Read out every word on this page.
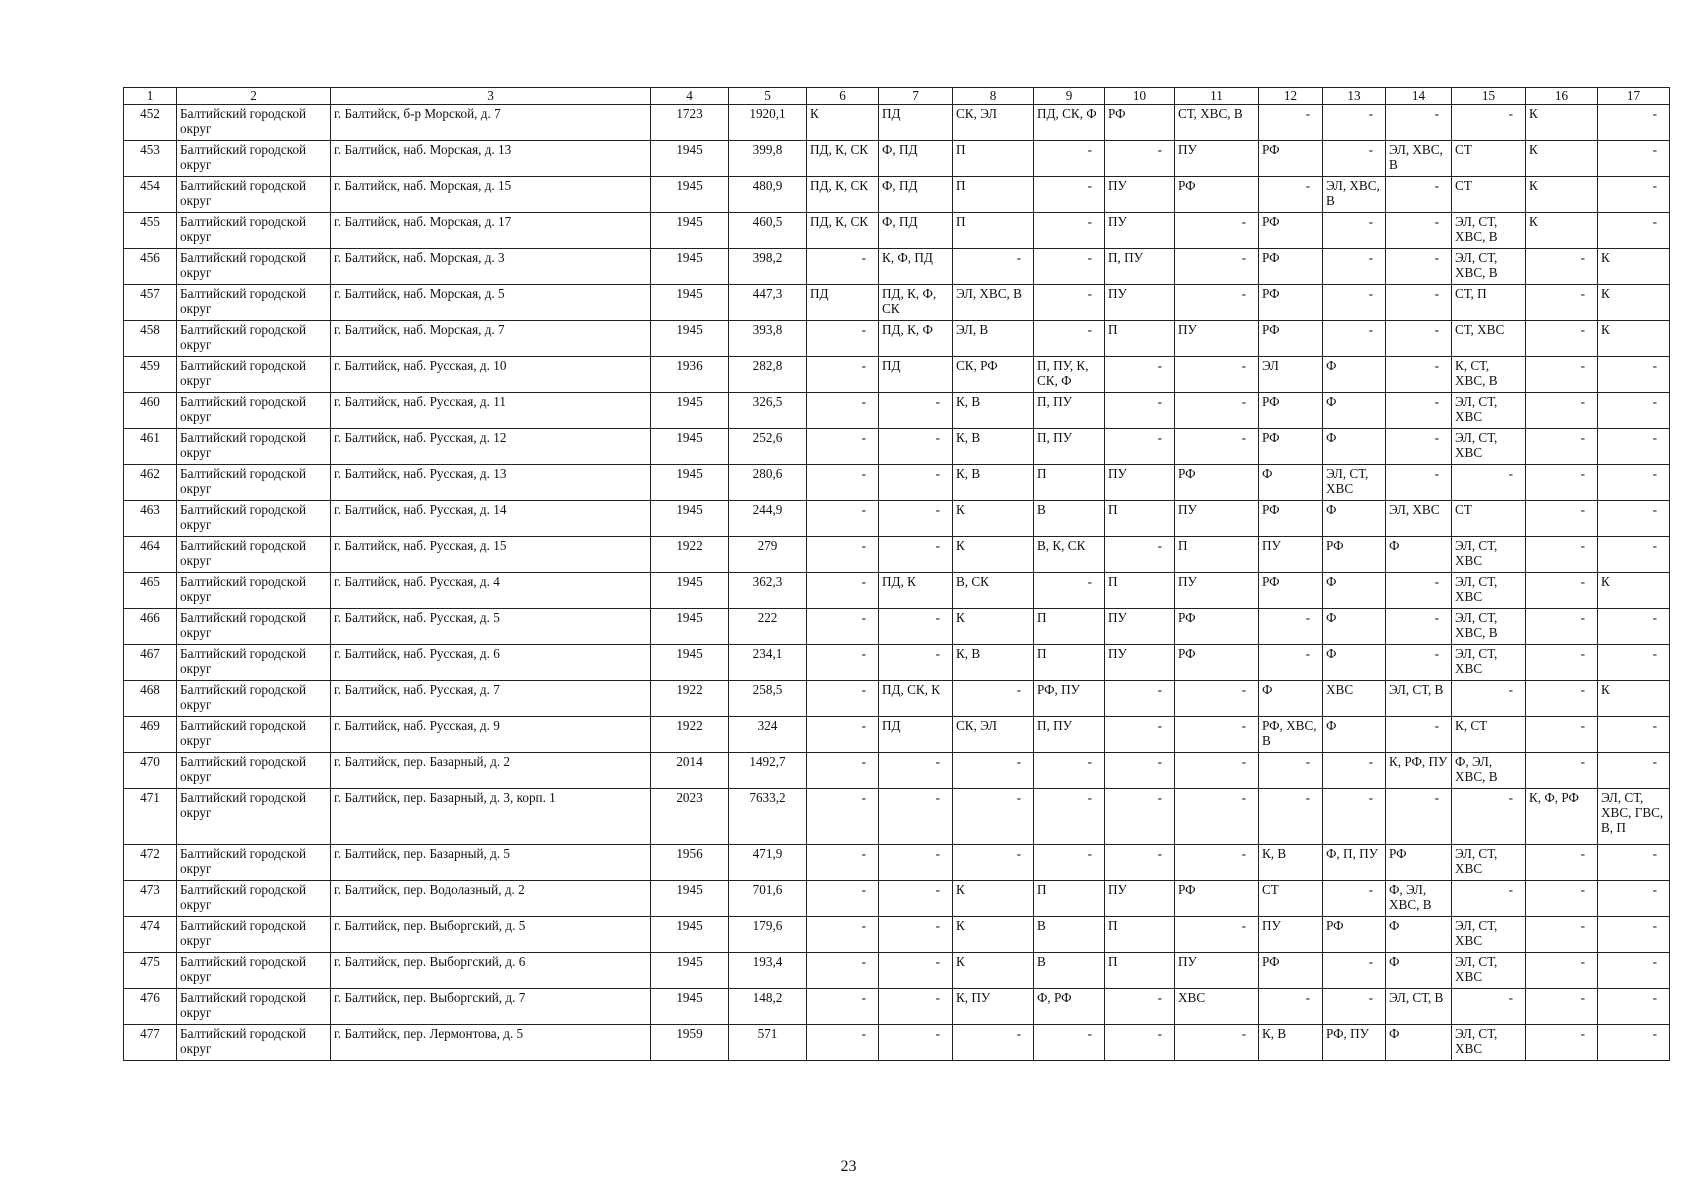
1	2	3	4	5	6	7	8	9	10	11	12	13	14	15	16	17
452	Балтийский городской округ	г. Балтийск, б-р Морской, д. 7	1723	1920,1	К	ПД	СК, ЭЛ	ПД, СК, Ф	РФ	СТ, ХВС, В	-	-	-	-	К	-
453	Балтийский городской округ	г. Балтийск, наб. Морская, д. 13	1945	399,8	ПД, К, СК	Ф, ПД	П	-	-	ПУ	РФ	-	ЭЛ, ХВС, В	СТ	К	-
454	Балтийский городской округ	г. Балтийск, наб. Морская, д. 15	1945	480,9	ПД, К, СК	Ф, ПД	П	-	ПУ	РФ	-	ЭЛ, ХВС, В	-	СТ	К	-
455	Балтийский городской округ	г. Балтийск, наб. Морская, д. 17	1945	460,5	ПД, К, СК	Ф, ПД	П	-	ПУ	-	РФ	-	-	ЭЛ, СТ, ХВС, В	К	-
456	Балтийский городской округ	г. Балтийск, наб. Морская, д. 3	1945	398,2	-	К, Ф, ПД	-	-	П, ПУ	-	РФ	-	-	ЭЛ, СТ, ХВС, В	-	К
457	Балтийский городской округ	г. Балтийск, наб. Морская, д. 5	1945	447,3	ПД	ПД, К, Ф, СК	ЭЛ, ХВС, В	-	ПУ	-	РФ	-	-	СТ, П	-	К
458	Балтийский городской округ	г. Балтийск, наб. Морская, д. 7	1945	393,8	-	ПД, К, Ф	ЭЛ, В	-	П	ПУ	РФ	-	-	СТ, ХВС	-	К
459	Балтийский городской округ	г. Балтийск, наб. Русская, д. 10	1936	282,8	-	ПД	СК, РФ	П, ПУ, К, СК, Ф	-	-	ЭЛ	Ф	-	К, СТ, ХВС, В	-	-
460	Балтийский городской округ	г. Балтийск, наб. Русская, д. 11	1945	326,5	-	-	К, В	П, ПУ	-	-	РФ	Ф	-	ЭЛ, СТ, ХВС	-	-
461	Балтийский городской округ	г. Балтийск, наб. Русская, д. 12	1945	252,6	-	-	К, В	П, ПУ	-	-	РФ	Ф	-	ЭЛ, СТ, ХВС	-	-
462	Балтийский городской округ	г. Балтийск, наб. Русская, д. 13	1945	280,6	-	-	К, В	П	ПУ	РФ	Ф	ЭЛ, СТ, ХВС	-	-	-	-
463	Балтийский городской округ	г. Балтийск, наб. Русская, д. 14	1945	244,9	-	-	К	В	П	ПУ	РФ	Ф	ЭЛ, ХВС	СТ	-	-
464	Балтийский городской округ	г. Балтийск, наб. Русская, д. 15	1922	279	-	-	К	В, К, СК	-	П	ПУ	РФ	Ф	ЭЛ, СТ, ХВС	-	-
465	Балтийский городской округ	г. Балтийск, наб. Русская, д. 4	1945	362,3	-	ПД, К	В, СК	-	П	ПУ	РФ	Ф	-	ЭЛ, СТ, ХВС	-	К
466	Балтийский городской округ	г. Балтийск, наб. Русская, д. 5	1945	222	-	-	К	П	ПУ	РФ	-	Ф	-	ЭЛ, СТ, ХВС, В	-	-
467	Балтийский городской округ	г. Балтийск, наб. Русская, д. 6	1945	234,1	-	-	К, В	П	ПУ	РФ	-	Ф	-	ЭЛ, СТ, ХВС	-	-
468	Балтийский городской округ	г. Балтийск, наб. Русская, д. 7	1922	258,5	-	ПД, СК, К	-	РФ, ПУ	-	-	Ф	ХВС	ЭЛ, СТ, В	-	-	К
469	Балтийский городской округ	г. Балтийск, наб. Русская, д. 9	1922	324	-	ПД	СК, ЭЛ	П, ПУ	-	-	РФ, ХВС, В	Ф	-	К, СТ	-	-
470	Балтийский городской округ	г. Балтийск, пер. Базарный, д. 2	2014	1492,7	-	-	-	-	-	-	-	-	К, РФ, ПУ	Ф, ЭЛ, ХВС, В	-	-
471	Балтийский городской округ	г. Балтийск, пер. Базарный, д. 3, корп. 1	2023	7633,2	-	-	-	-	-	-	-	-	-	-	К, Ф, РФ	ЭЛ, СТ, ХВС, ГВС, В, П
472	Балтийский городской округ	г. Балтийск, пер. Базарный, д. 5	1956	471,9	-	-	-	-	-	-	К, В	Ф, П, ПУ	РФ	ЭЛ, СТ, ХВС	-	-
473	Балтийский городской округ	г. Балтийск, пер. Водолазный, д. 2	1945	701,6	-	-	К	П	ПУ	РФ	СТ	-	Ф, ЭЛ, ХВС, В	-	-	-
474	Балтийский городской округ	г. Балтийск, пер. Выборгский, д. 5	1945	179,6	-	-	К	В	П	-	ПУ	РФ	Ф	ЭЛ, СТ, ХВС	-	-
475	Балтийский городской округ	г. Балтийск, пер. Выборгский, д. 6	1945	193,4	-	-	К	В	П	ПУ	РФ	-	Ф	ЭЛ, СТ, ХВС	-	-
476	Балтийский городской округ	г. Балтийск, пер. Выборгский, д. 7	1945	148,2	-	-	К, ПУ	Ф, РФ	-	ХВС	-	-	ЭЛ, СТ, В	-	-	-
477	Балтийский городской округ	г. Балтийск, пер. Лермонтова, д. 5	1959	571	-	-	-	-	-	-	К, В	РФ, ПУ	Ф	ЭЛ, СТ, ХВС	-	-
23
